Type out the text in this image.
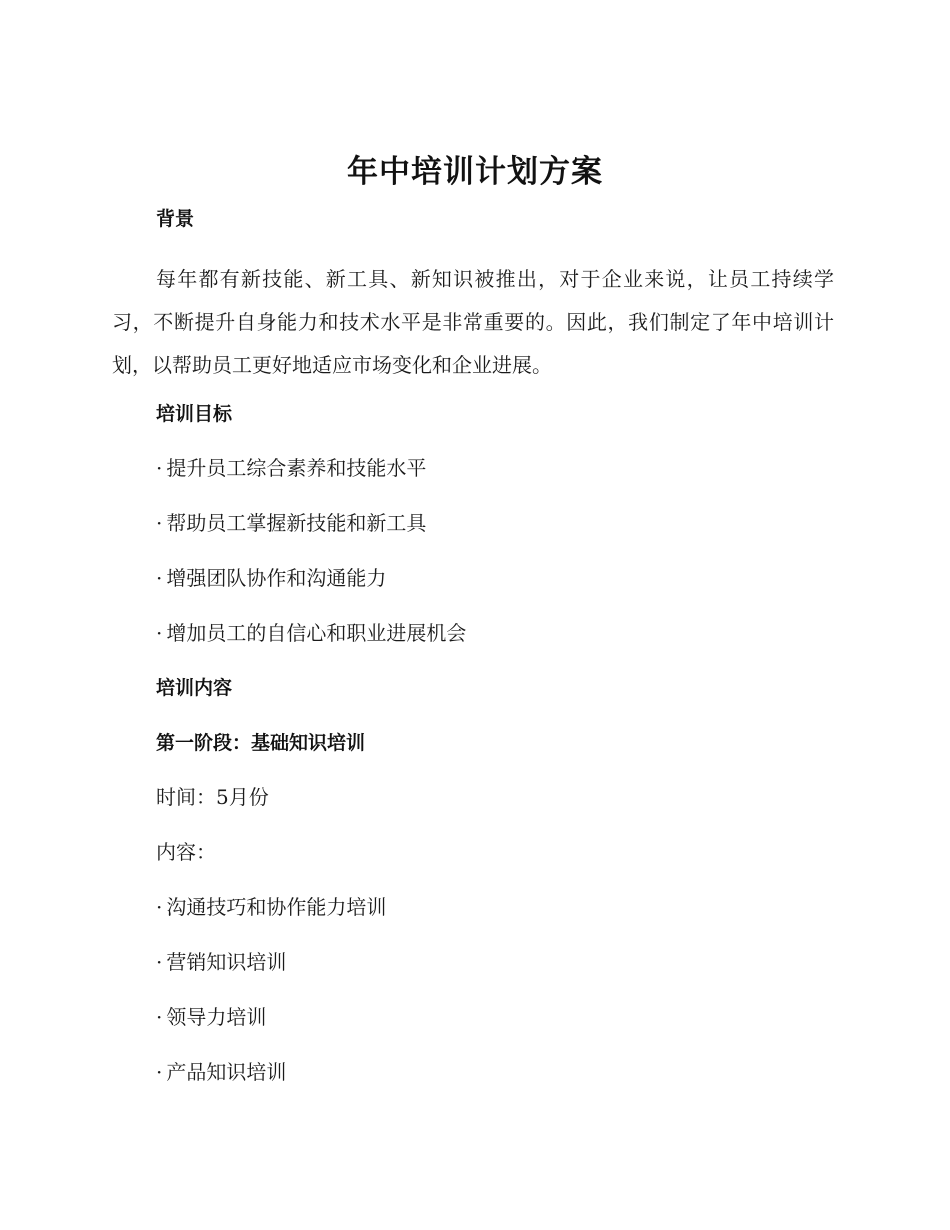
年中培训计划方案
背景
每年都有新技能、新工具、新知识被推出，对于企业来说，让员工持续学习，不断提升自身能力和技术水平是非常重要的。因此，我们制定了年中培训计划，以帮助员工更好地适应市场变化和企业进展。
培训目标
· 提升员工综合素养和技能水平
· 帮助员工掌握新技能和新工具
· 增强团队协作和沟通能力
· 增加员工的自信心和职业进展机会
培训内容
第一阶段：基础知识培训
时间：5月份
内容：
· 沟通技巧和协作能力培训
· 营销知识培训
· 领导力培训
· 产品知识培训
